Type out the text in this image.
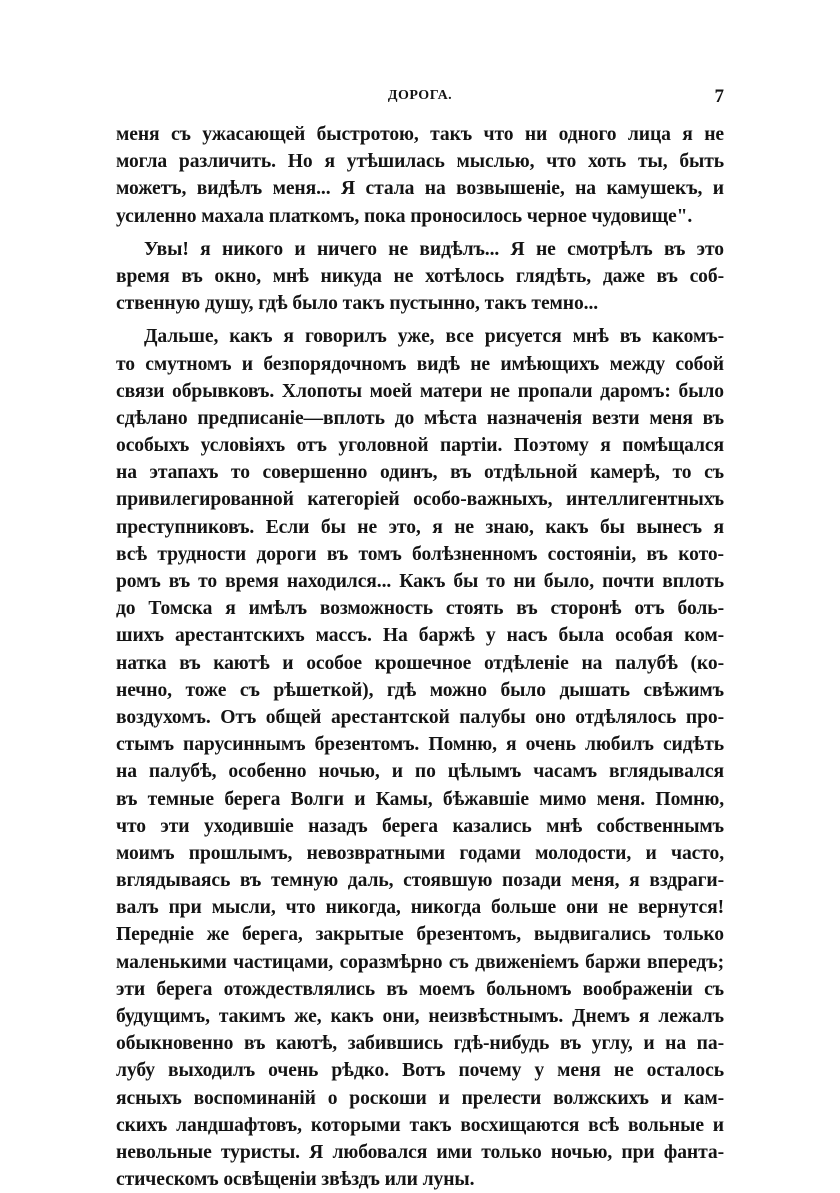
ДОРОГА.	7
меня съ ужасающей быстротою, такъ что ни одного лица я не
могла различить. Но я утѣшилась мыслью, что хоть ты, быть
можетъ, видѣлъ меня... Я стала на возвышеніе, на камушекъ, и
усиленно махала платкомъ, пока проносилось черное чудовище".
Увы! я никого и ничего не видѣлъ... Я не смотрѣлъ въ это
время въ окно, мнѣ никуда не хотѣлось глядѣть, даже въ соб-
ственную душу, гдѣ было такъ пустынно, такъ темно...
Дальше, какъ я говорилъ уже, все рисуется мнѣ въ какомъ-
то смутномъ и безпорядочномъ видѣ не имѣющихъ между собой
связи обрывковъ. Хлопоты моей матери не пропали даромъ: было
сдѣлано предписаніе—вплоть до мѣста назначенія везти меня въ
особыхъ условіяхъ отъ уголовной партіи. Поэтому я помѣщался
на этапахъ то совершенно одинъ, въ отдѣльной камерѣ, то съ
привилегированной категоріей особо-важныхъ, интеллигентныхъ
преступниковъ. Если бы не это, я не знаю, какъ бы вынесъ я
всѣ трудности дороги въ томъ болѣзненномъ состояніи, въ кото-
ромъ въ то время находился... Какъ бы то ни было, почти вплоть
до Томска я имѣлъ возможность стоять въ сторонѣ отъ боль-
шихъ арестантскихъ массъ. На баржѣ у насъ была особая ком-
натка въ каютѣ и особое крошечное отдѣленіе на палубѣ (ко-
нечно, тоже съ рѣшеткой), гдѣ можно было дышать свѣжимъ
воздухомъ. Отъ общей арестантской палубы оно отдѣлялось про-
стымъ парусиннымъ брезентомъ. Помню, я очень любилъ сидѣть
на палубѣ, особенно ночью, и по цѣлымъ часамъ вглядывался
въ темные берега Волги и Камы, бѣжавшіе мимо меня. Помню,
что эти уходившіе назадъ берега казались мнѣ собственнымъ
моимъ прошлымъ, невозвратными годами молодости, и часто,
вглядываясь въ темную даль, стоявшую позади меня, я вздраги-
валъ при мысли, что никогда, никогда больше они не вернутся!
Передніе же берега, закрытые брезентомъ, выдвигались только
маленькими частицами, соразмѣрно съ движеніемъ баржи впередъ;
эти берега отождествлялись въ моемъ больномъ воображеніи съ
будущимъ, такимъ же, какъ они, неизвѣстнымъ. Днемъ я лежалъ
обыкновенно въ каютѣ, забившись гдѣ-нибудь въ углу, и на па-
лубу выходилъ очень рѣдко. Вотъ почему у меня не осталось
ясныхъ воспоминаній о роскоши и прелести волжскихъ и кам-
скихъ ландшафтовъ, которыми такъ восхищаются всѣ вольные и
невольные туристы. Я любовался ими только ночью, при фанта-
стическомъ освѣщеніи звѣздъ или луны.
